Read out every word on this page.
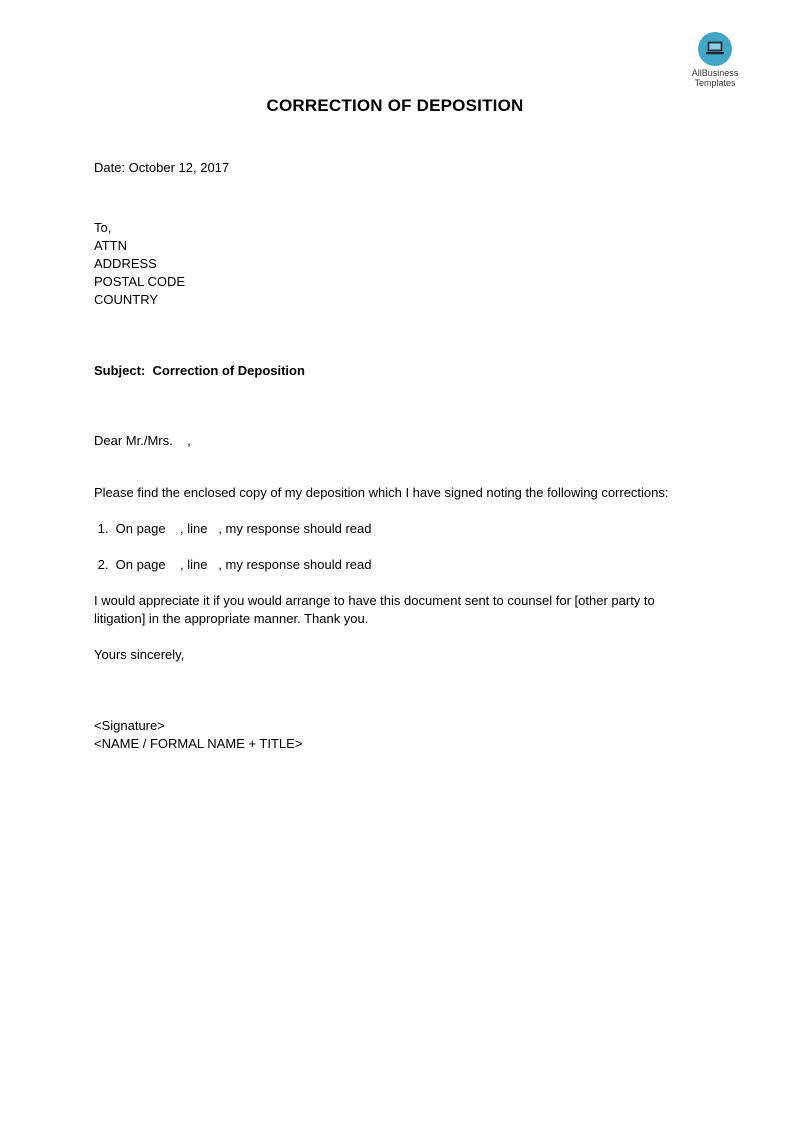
AllBusiness
Templates
CORRECTION OF DEPOSITION
Date: October 12, 2017
To,
ATTN
ADDRESS
POSTAL CODE
COUNTRY
Subject: Correction of Deposition
Dear Mr./Mrs.    ,
Please find the enclosed copy of my deposition which I have signed noting the following corrections:
1.  On page    , line   , my response should read
2.  On page    , line   , my response should read
I would appreciate it if you would arrange to have this document sent to counsel for [other party to litigation] in the appropriate manner. Thank you.
Yours sincerely,
<Signature>
<NAME / FORMAL NAME + TITLE>
